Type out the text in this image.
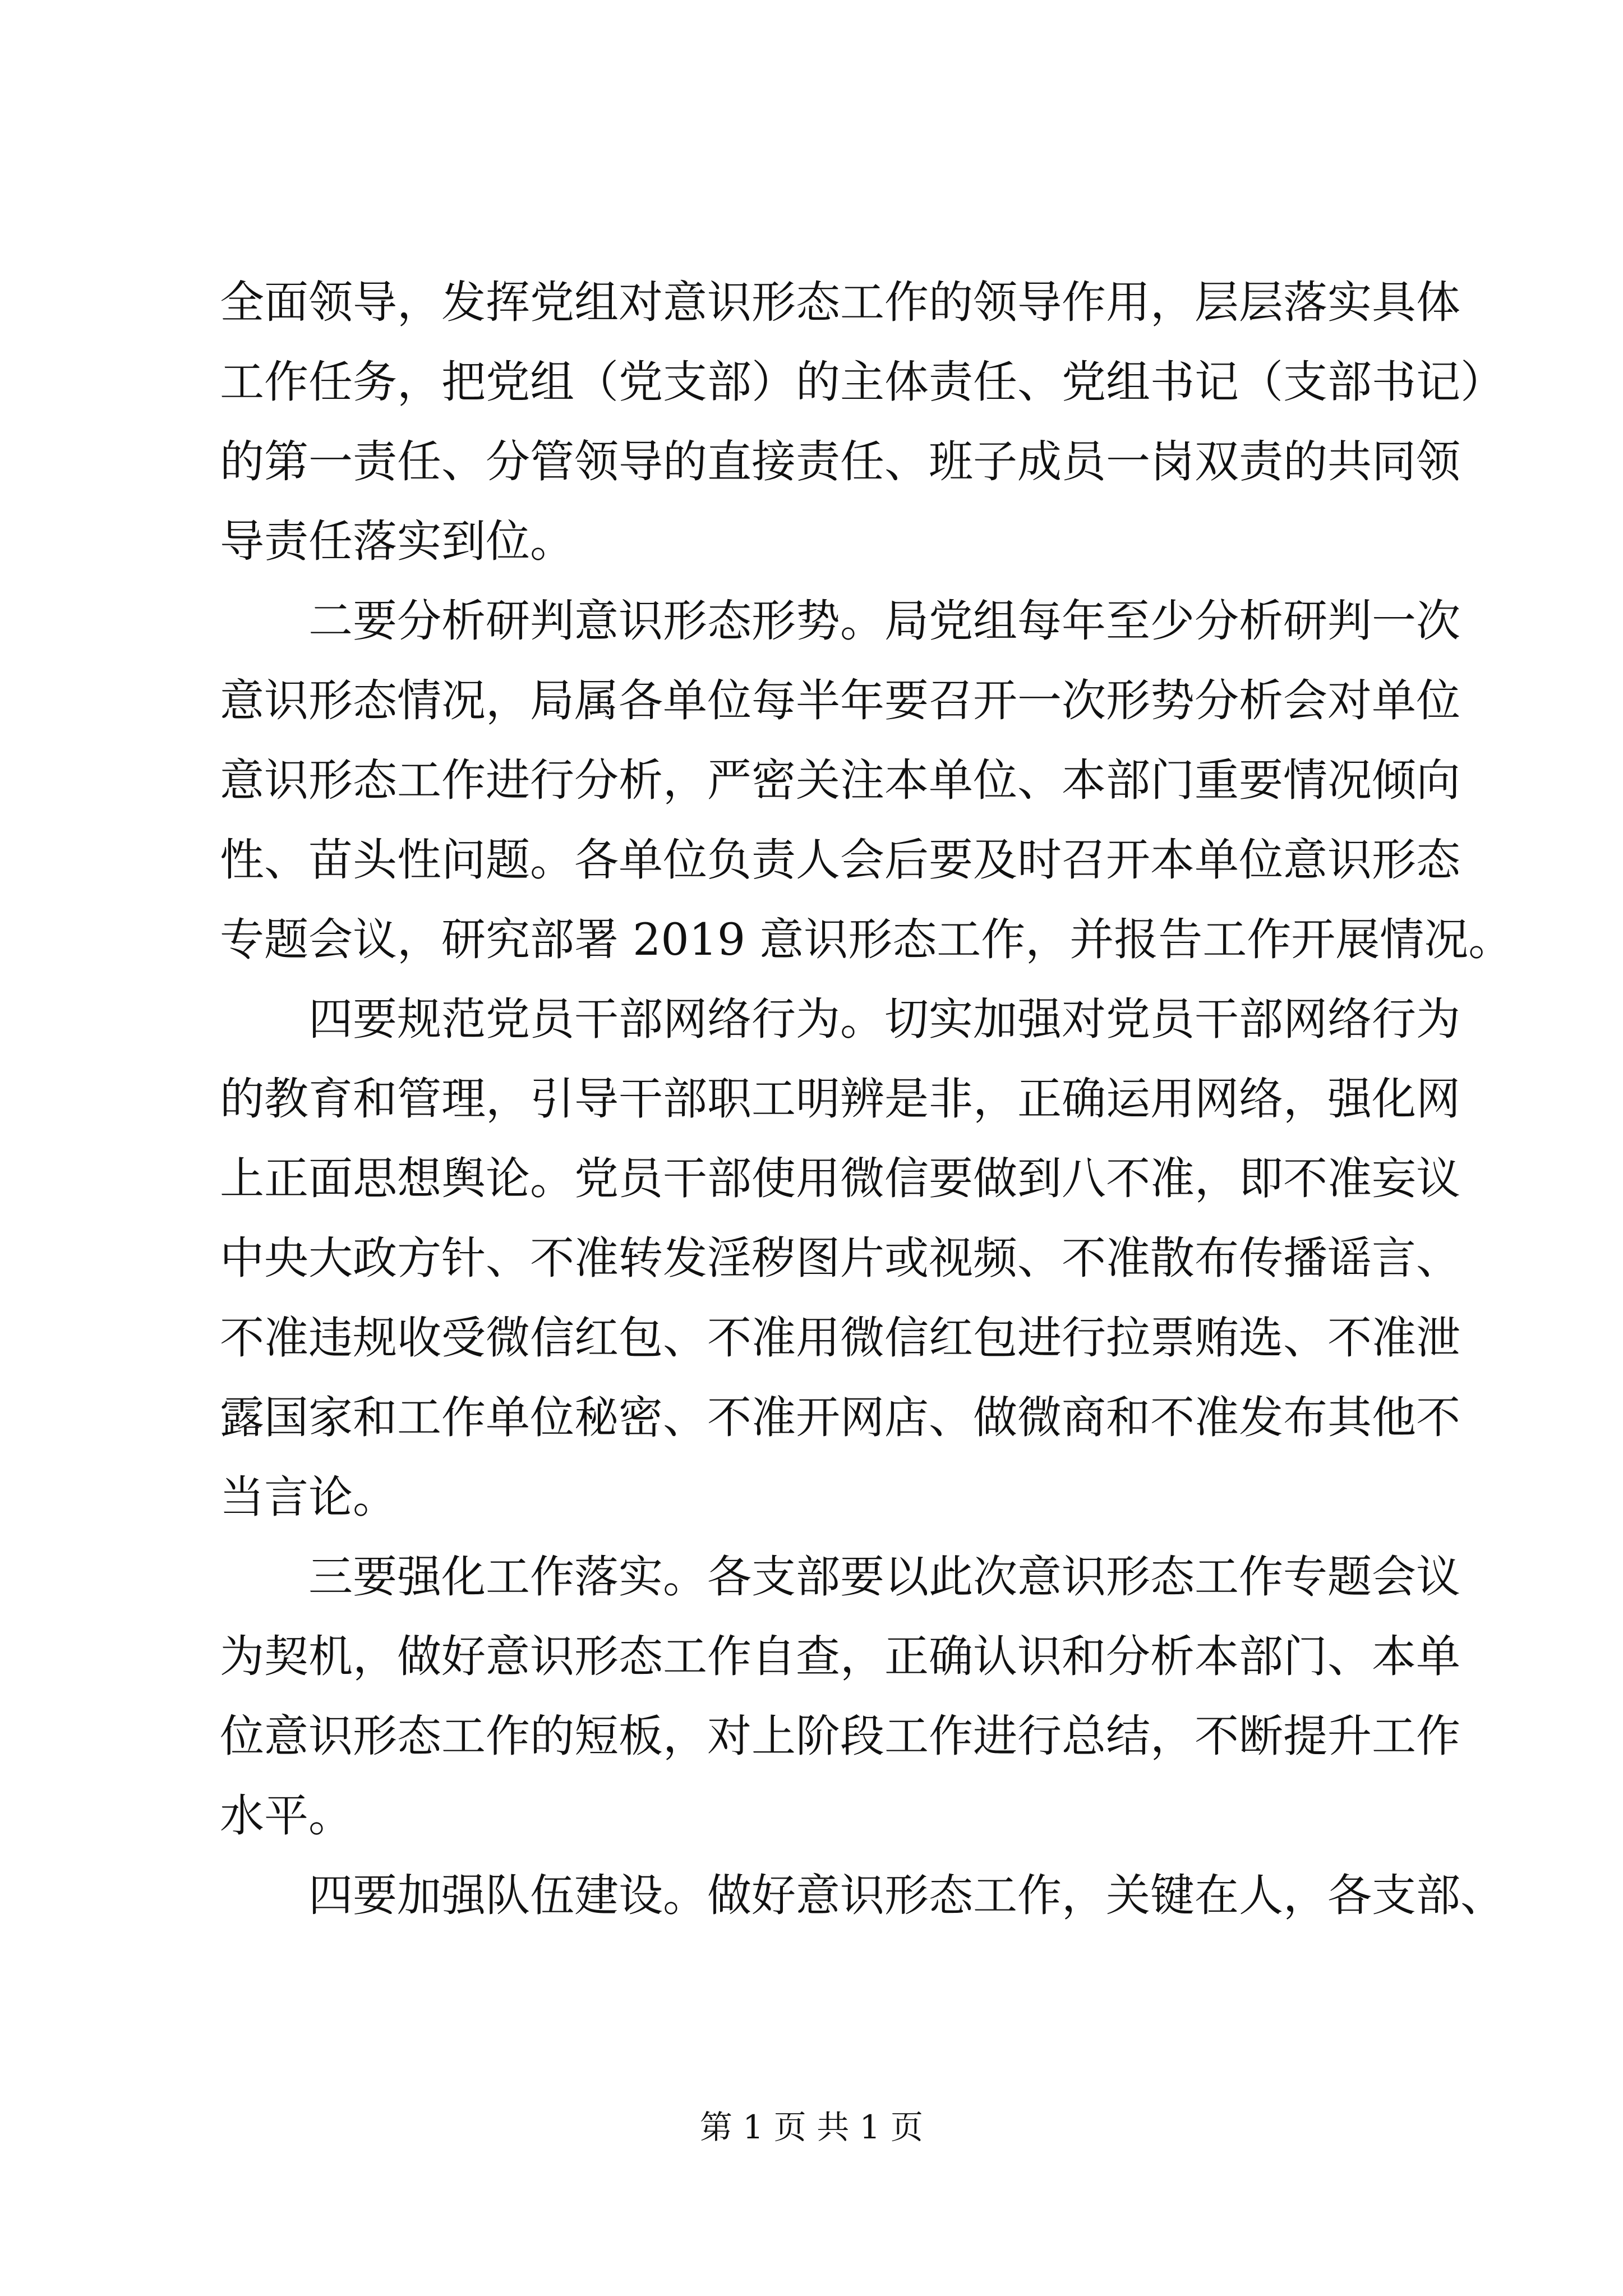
全面领导，发挥党组对意识形态工作的领导作用，层层落实具体
工作任务，把党组（党支部）的主体责任、党组书记（支部书记）
的第一责任、分管领导的直接责任、班子成员一岗双责的共同领
导责任落实到位。
二要分析研判意识形态形势。局党组每年至少分析研判一次
意识形态情况，局属各单位每半年要召开一次形势分析会对单位
意识形态工作进行分析，严密关注本单位、本部门重要情况倾向
性、苗头性问题。各单位负责人会后要及时召开本单位意识形态
专题会议，研究部署 2019 意识形态工作，并报告工作开展情况。
四要规范党员干部网络行为。切实加强对党员干部网络行为
的教育和管理，引导干部职工明辨是非，正确运用网络，强化网
上正面思想舆论。党员干部使用微信要做到八不准，即不准妄议
中央大政方针、不准转发淫秽图片或视频、不准散布传播谣言、
不准违规收受微信红包、不准用微信红包进行拉票贿选、不准泄
露国家和工作单位秘密、不准开网店、做微商和不准发布其他不
当言论。
三要强化工作落实。各支部要以此次意识形态工作专题会议
为契机，做好意识形态工作自查，正确认识和分析本部门、本单
位意识形态工作的短板，对上阶段工作进行总结，不断提升工作
水平。
四要加强队伍建设。做好意识形态工作，关键在人，各支部、
第 1 页 共 1 页
